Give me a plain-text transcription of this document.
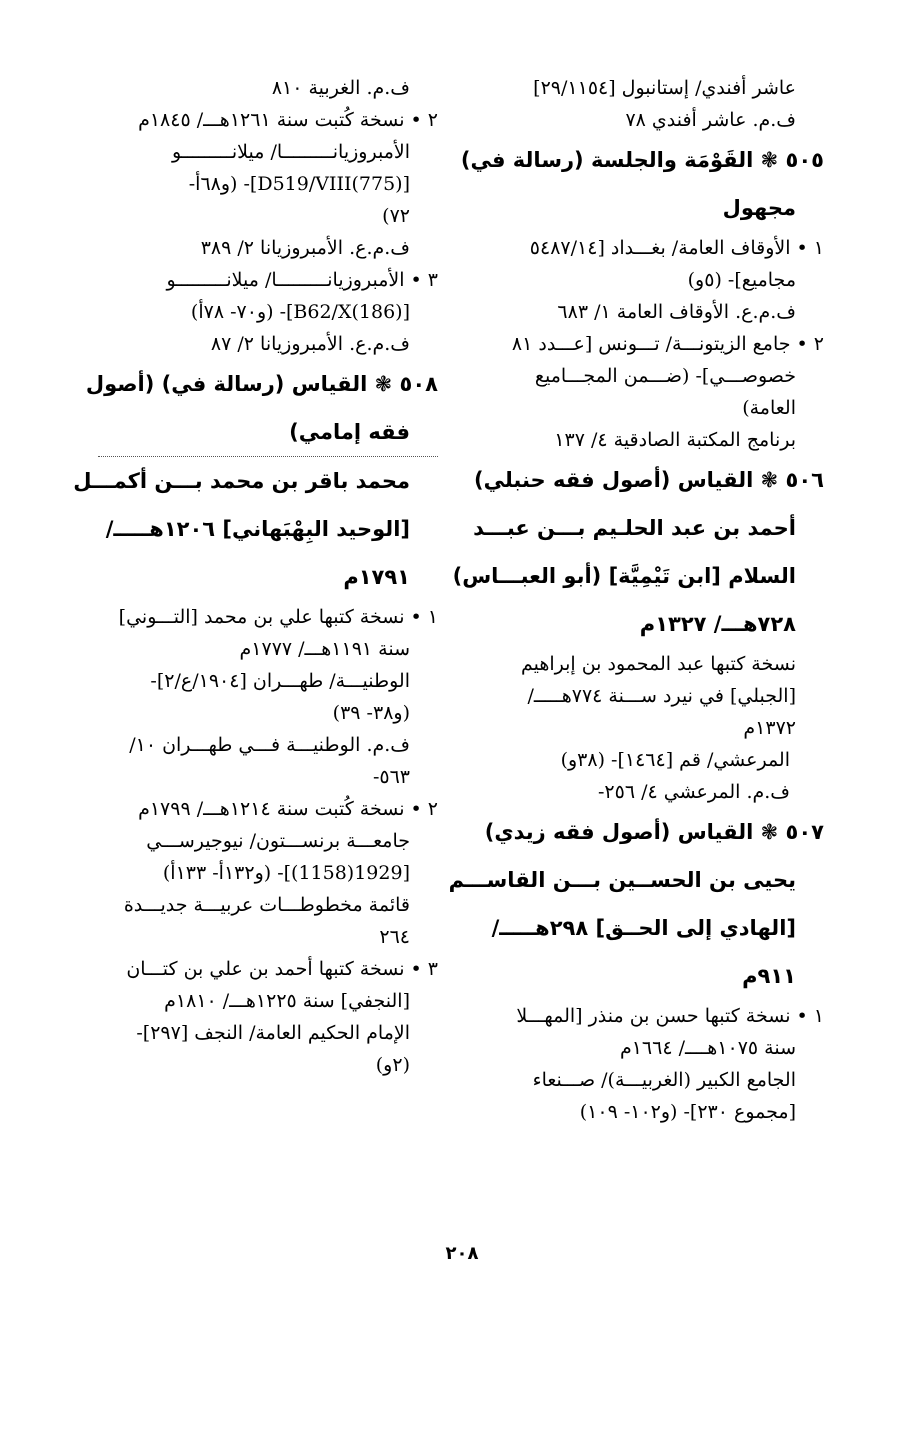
عاشر أفندي/ إستانبول [٢٩/١١٥٤]
ف.م. عاشر أفندي ٧٨
٥٠٥ ❃ القَوْمَة والجلسة (رسالة في)
مجهول
١ • الأوقاف العامة/ بغـــداد [٥٤٨٧/١٤
مجاميع]- (٥و)
ف.م.ع. الأوقاف العامة ١/ ٦٨٣
٢ • جامع الزيتونـــة/ تـــونس [عـــدد ٨١
خصوصـــي]- (ضـــمن المجـــاميع
العامة)
برنامج المكتبة الصادقية ٤/ ١٣٧
٥٠٦ ❃ القياس (أصول فقه حنبلي)
أحمد بن عبد الحلـيم بـــن عبـــد
السلام [ابن تَيْمِيَّة] (أبو العبـــاس)
٧٢٨هـــ/ ١٣٢٧م
نسخة كتبها عبد المحمود بن إبراهيم
[الجبلي] في نيرد ســـنة ٧٧٤هـــــ/
١٣٧٢م
المرعشي/ قم [١٤٦٤]- (٣٨و)
ف.م. المرعشي ٤/ ٢٥٦-
٥٠٧ ❃ القياس (أصول فقه زيدي)
يحيى بن الحســين بـــن القاســـم
[الهادي إلى الحــق] ٢٩٨هـــــ/
٩١١م
١ • نسخة كتبها حسن بن منذر [المهـــلا
سنة ١٠٧٥هــــ/ ١٦٦٤م
الجامع الكبير (الغربيـــة)/ صـــنعاء
[مجموع ٢٣٠]- (و١٠٢- ١٠٩)
ف.م. الغربية ٨١٠
٢ • نسخة كُتبت سنة ١٢٦١هـــ/ ١٨٤٥م
الأمبروزيانـــــــــا/ ميلانـــــــــو
[D519/VIII(775)]- (و٦٨أ-
٧٢)
ف.م.ع. الأمبروزيانا ٢/ ٣٨٩
٣ • الأمبروزيانـــــــــا/ ميلانـــــــــو
[B62/X(186)]- (و٧٠- ٧٨أ)
ف.م.ع. الأمبروزيانا ٢/ ٨٧
٥٠٨ ❃ القياس (رسالة في) (أصول
فقه إمامي)
محمد باقر بن محمد بـــن أكمـــل
[الوحيد البِهْبَهاني] ١٢٠٦هـــــ/
١٧٩١م
١ • نسخة كتبها علي بن محمد [التـــوني]
سنة ١١٩١هـــ/ ١٧٧٧م
الوطنيـــة/ طهـــران [١٩٠٤/ع/٢]-
(و٣٨- ٣٩)
ف.م. الوطنيـــة فـــي طهـــران ١٠/
٥٦٣-
٢ • نسخة كُتبت سنة ١٢١٤هـــ/ ١٧٩٩م
جامعـــة برنســـتون/ نيوجيرســـي
[1929(1158)]- (و١٣٢أ- ١٣٣أ)
قائمة مخطوطـــات عربيـــة جديـــدة
٢٦٤
٣ • نسخة كتبها أحمد بن علي بن كتـــان
[النجفي] سنة ١٢٢٥هـــ/ ١٨١٠م
الإمام الحكيم العامة/ النجف [٢٩٧]-
(٢و)
٢٠٨
